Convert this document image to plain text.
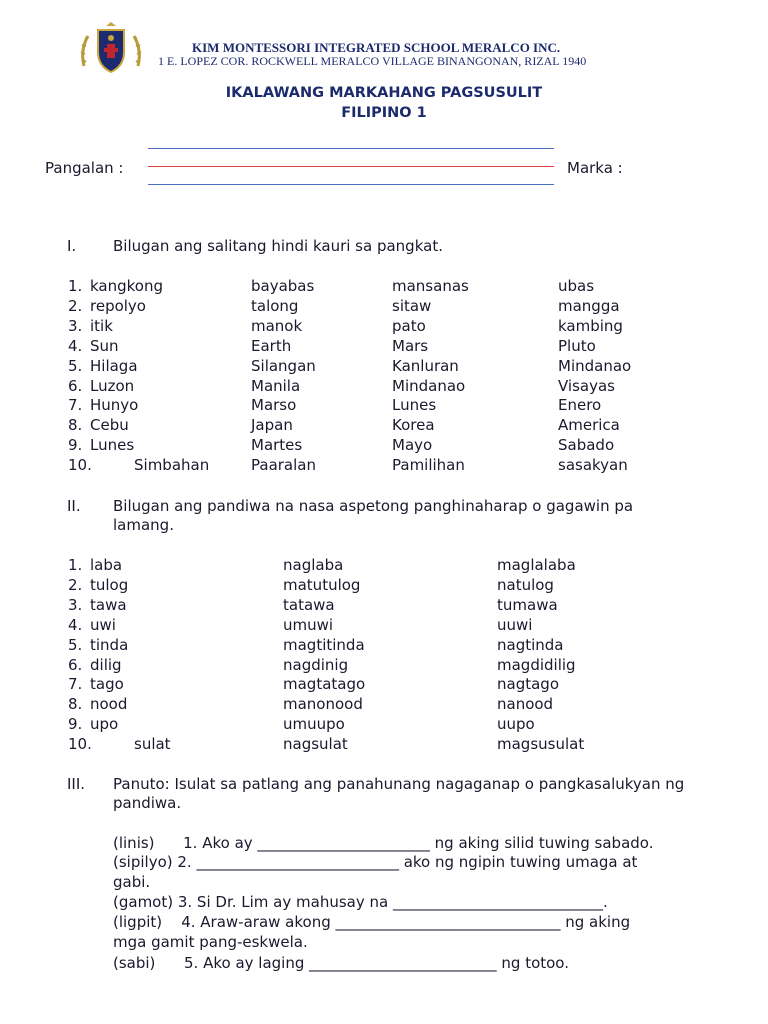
KIM MONTESSORI INTEGRATED SCHOOL MERALCO INC.
1 E. LOPEZ COR. ROCKWELL MERALCO VILLAGE BINANGONAN, RIZAL 1940
IKALAWANG MARKAHANG PAGSUSULIT
FILIPINO 1
Pangalan :	Marka :
I. Bilugan ang salitang hindi kauri sa pangkat.
1. kangkong	bayabas	mansanas	ubas
2. repolyo	talong	sitaw	mangga
3. itik	manok	pato	kambing
4. Sun	Earth	Mars	Pluto
5. Hilaga	Silangan	Kanluran	Mindanao
6. Luzon	Manila	Mindanao	Visayas
7. Hunyo	Marso	Lunes	Enero
8. Cebu	Japan	Korea	America
9. Lunes	Martes	Mayo	Sabado
10.	Simbahan	Paaralan	Pamilihan	sasakyan
II. Bilugan ang pandiwa na nasa aspetong panghinaharap o gagawin pa
lamang.
1. laba	naglaba	maglalaba
2. tulog	matutulog	natulog
3. tawa	tatawa	tumawa
4. uwi	umuwi	uuwi
5. tinda	magtitinda	nagtinda
6. dilig	nagdinig	magdidilig
7. tago	magtatago	nagtago
8. nood	manonood	nanood
9. upo	umuupo	uupo
10.	sulat	nagsulat	magsusulat
III. Panuto: Isulat sa patlang ang panahunang nagaganap o pangkasalukyan ng
pandiwa.
(linis)      1. Ako ay _______________________ ng aking silid tuwing sabado.
(sipilyo) 2. ___________________________ ako ng ngipin tuwing umaga at
gabi.
(gamot) 3. Si Dr. Lim ay mahusay na ____________________________.
(ligpit)    4. Araw-araw akong ______________________________ ng aking
mga gamit pang-eskwela.
(sabi)      5. Ako ay laging _________________________ ng totoo.
